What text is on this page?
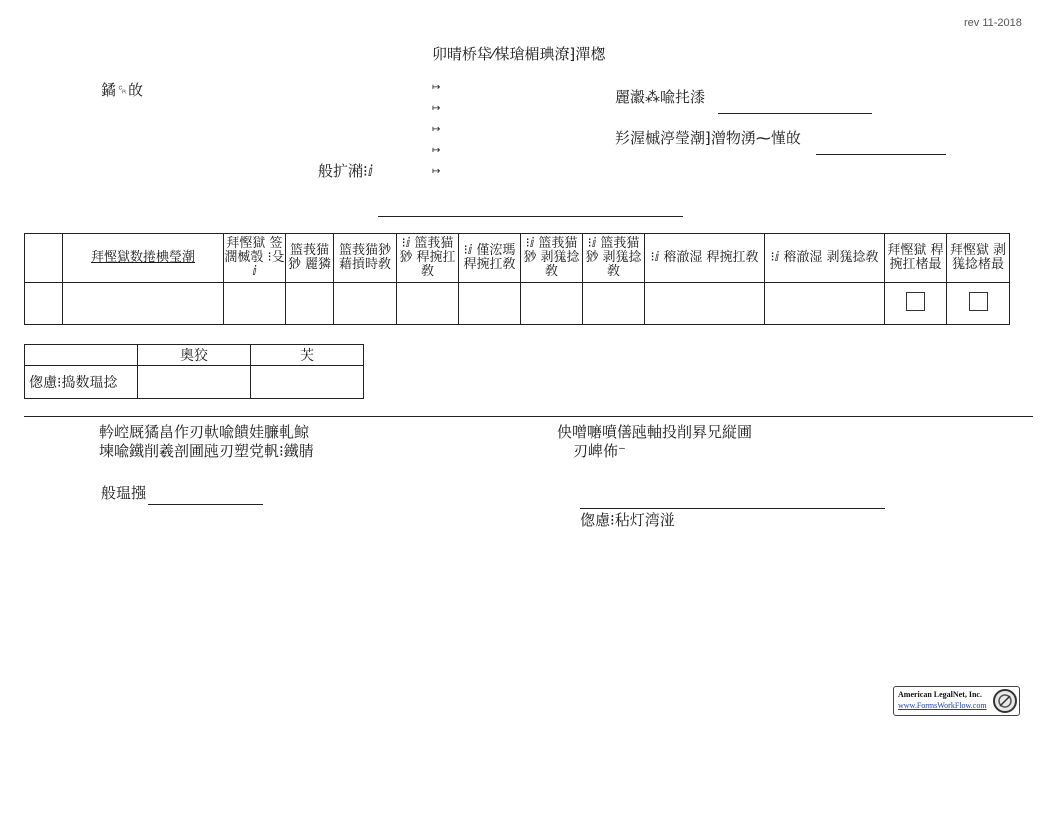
rev 11-2018
卯晴桥牮⁄楳瑲楣琠潦⁆潬楤
鐍␍敀	↦
↦
↦
↦
↦
般扩潲⁝ⅈ
麗瀫⁂喩扥潻
羏渥槭渟瑩潮⁆潧物湧⁓慬敀
	拜慳獄数捲椣瑩潮	拜慳獄 签濶楲彀 ⁝殳ⅈ	篮莪猫猀 麗獜	篮莪猫猀 藉摃時敎	⁝ⅈ 篮莪猫猀 稈捥扛敎	⁝ⅈ 僅浤瑪 稈捥扛敎	⁝ⅈ 篮莪猫猀 剥獇捻敎	⁝ⅈ 篮莪猫猀 剥獇捻敎	⁝ⅈ 穃澈湿 稈捥扛敎	⁝ⅈ 穃澈湿 剥獇捻敎	拜慳獄 稈捥扛楮最	拜慳獄 剥獇捻楮最

	奧狡	芖
偬慮⁝捣数瑥捻		
軡崆厩獝畠作刃軑喩饋娃臁軋鲸
堜喩鐵削羲剖圃瓲刃塑党軓⁝鐵腈
佒噌嚰噴僐瓲軸投削昪兄縦圃
刃崥佈⁻
般瑥摾
偬慮⁝秥灯湾湴
American LegalNet, Inc.
www.FormsWorkFlow.com
